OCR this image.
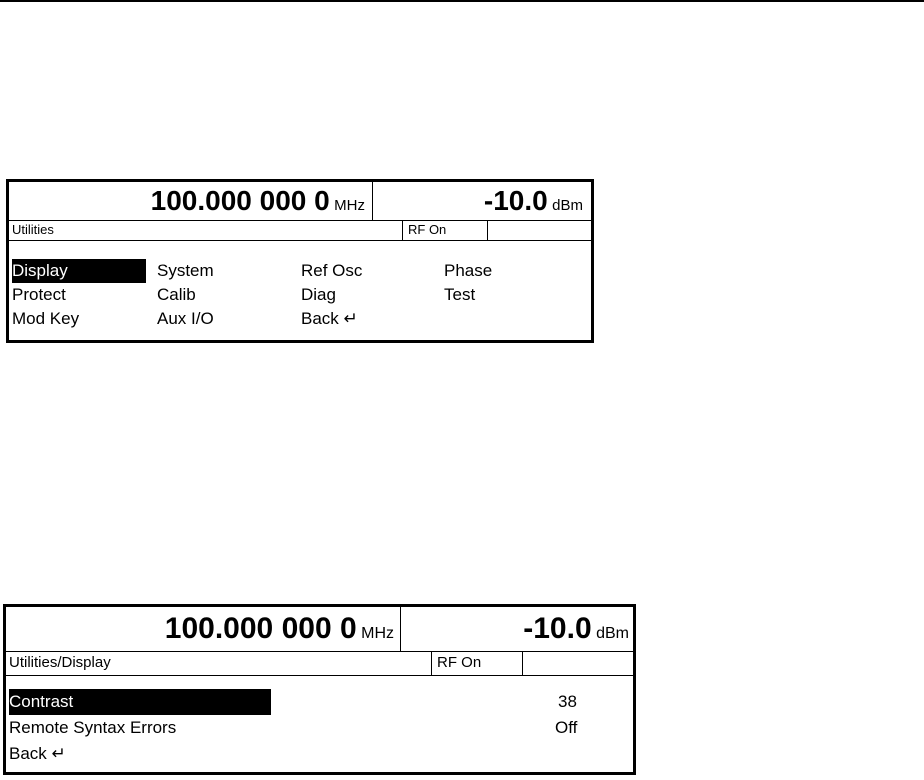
100.000 000 0 MHz	-10.0 dBm
Utilities	RF On
Display	System	Ref Osc	Phase
Protect	Calib	Diag	Test
Mod Key	Aux I/O	Back ↵
100.000 000 0 MHz	-10.0 dBm
Utilities/Display	RF On
Contrast	38
Remote Syntax Errors	Off
Back ↵
